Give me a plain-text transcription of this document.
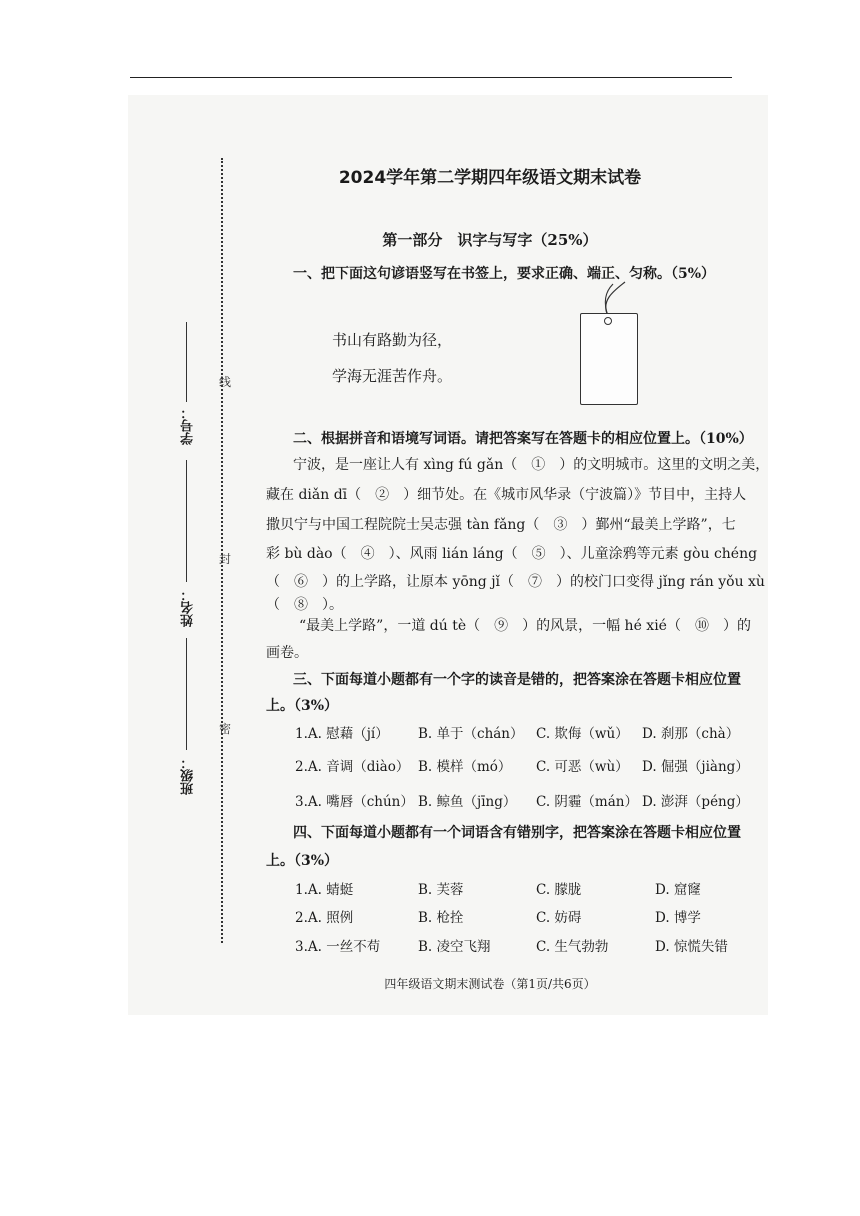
线
封
密
学号：
姓名：
班级：
2024学年第二学期四年级语文期末试卷
第一部分　识字与写字（25%）
一、把下面这句谚语竖写在书签上，要求正确、端正、匀称。（5%）
书山有路勤为径，
学海无涯苦作舟。
二、根据拼音和语境写词语。请把答案写在答题卡的相应位置上。（10%）
宁波，是一座让人有 xìng fú gǎn（　①　）的文明城市。这里的文明之美，
藏在 diǎn dī（　②　）细节处。在《城市风华录（宁波篇）》节目中，主持人
撒贝宁与中国工程院院士吴志强 tàn fǎng（　③　）鄞州“最美上学路”，七
彩 bù dào（　④　）、风雨 lián láng（　⑤　）、儿童涂鸦等元素 gòu chéng
（　⑥　）的上学路，让原本 yōng jǐ（　⑦　）的校门口变得 jǐng rán yǒu xù
（　⑧　）。
“最美上学路”，一道 dú tè（　⑨　）的风景，一幅 hé xié（　⑩　）的
画卷。
三、下面每道小题都有一个字的读音是错的，把答案涂在答题卡相应位置
上。（3%）
1.A. 慰藉（jí） B. 单于（chán） C. 欺侮（wǔ） D. 刹那（chà）
2.A. 音调（diào） B. 模样（mó） C. 可恶（wù） D. 倔强（jiàng）
3.A. 嘴唇（chún） B. 鲸鱼（jīng） C. 阴霾（mán） D. 澎湃（péng）
四、下面每道小题都有一个词语含有错别字，把答案涂在答题卡相应位置
上。（3%）
1.A. 蜻蜓	B. 芙蓉	C. 朦胧	D. 窟窿
2.A. 照例	B. 枪拴	C. 妨碍	D. 博学
3.A. 一丝不苟	B. 凌空飞翔	C. 生气勃勃	D. 惊慌失错
四年级语文期末测试卷（第1页/共6页）
